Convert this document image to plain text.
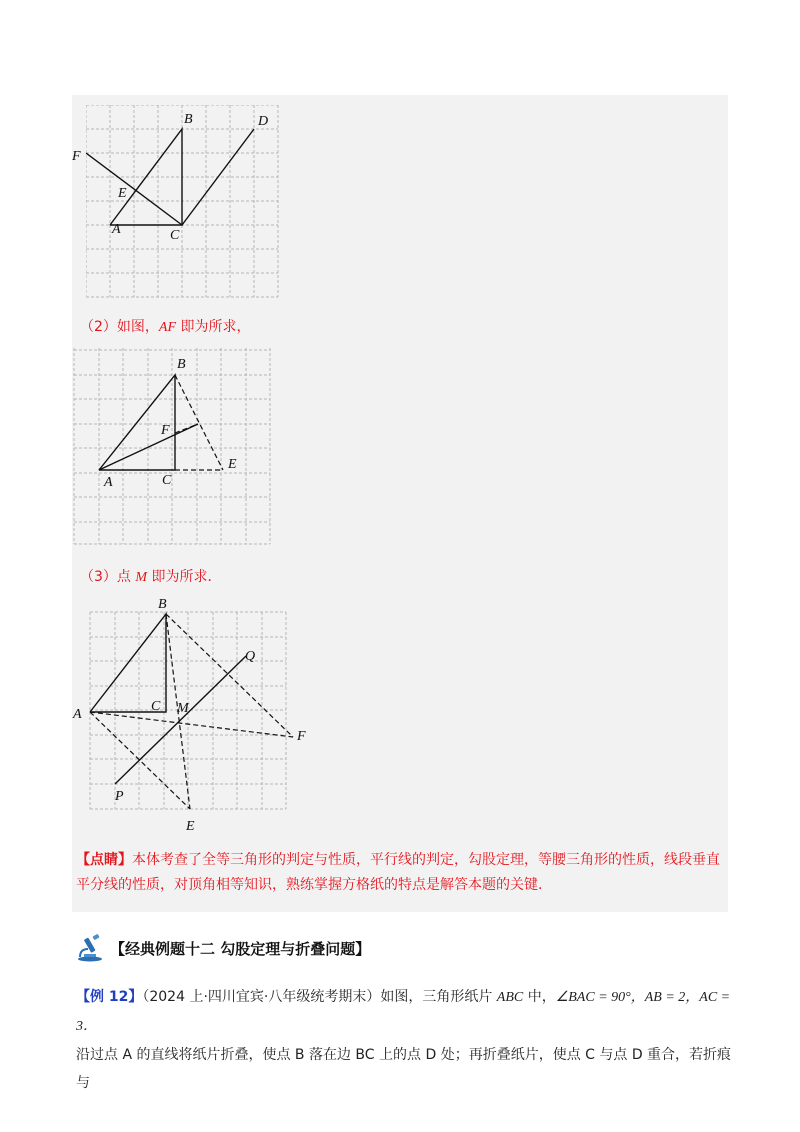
B	D
E
A	C
F
（2）如图，AF 即为所求，
B
F
E
A	C
（3）点 M 即为所求．
B
Q
A
C M
F
P
E
【点睛】本体考查了全等三角形的判定与性质，平行线的判定，勾股定理，等腰三角形的性质，线段垂直平分线的性质，对顶角相等知识，熟练掌握方格纸的特点是解答本题的关键.
【经典例题十二 勾股定理与折叠问题】
【例 12】（2024 上·四川宜宾·八年级统考期末）如图，三角形纸片 ABC 中，∠BAC = 90°，AB = 2，AC = 3．
沿过点 A 的直线将纸片折叠，使点 B 落在边 BC 上的点 D 处；再折叠纸片，使点 C 与点 D 重合，若折痕与
